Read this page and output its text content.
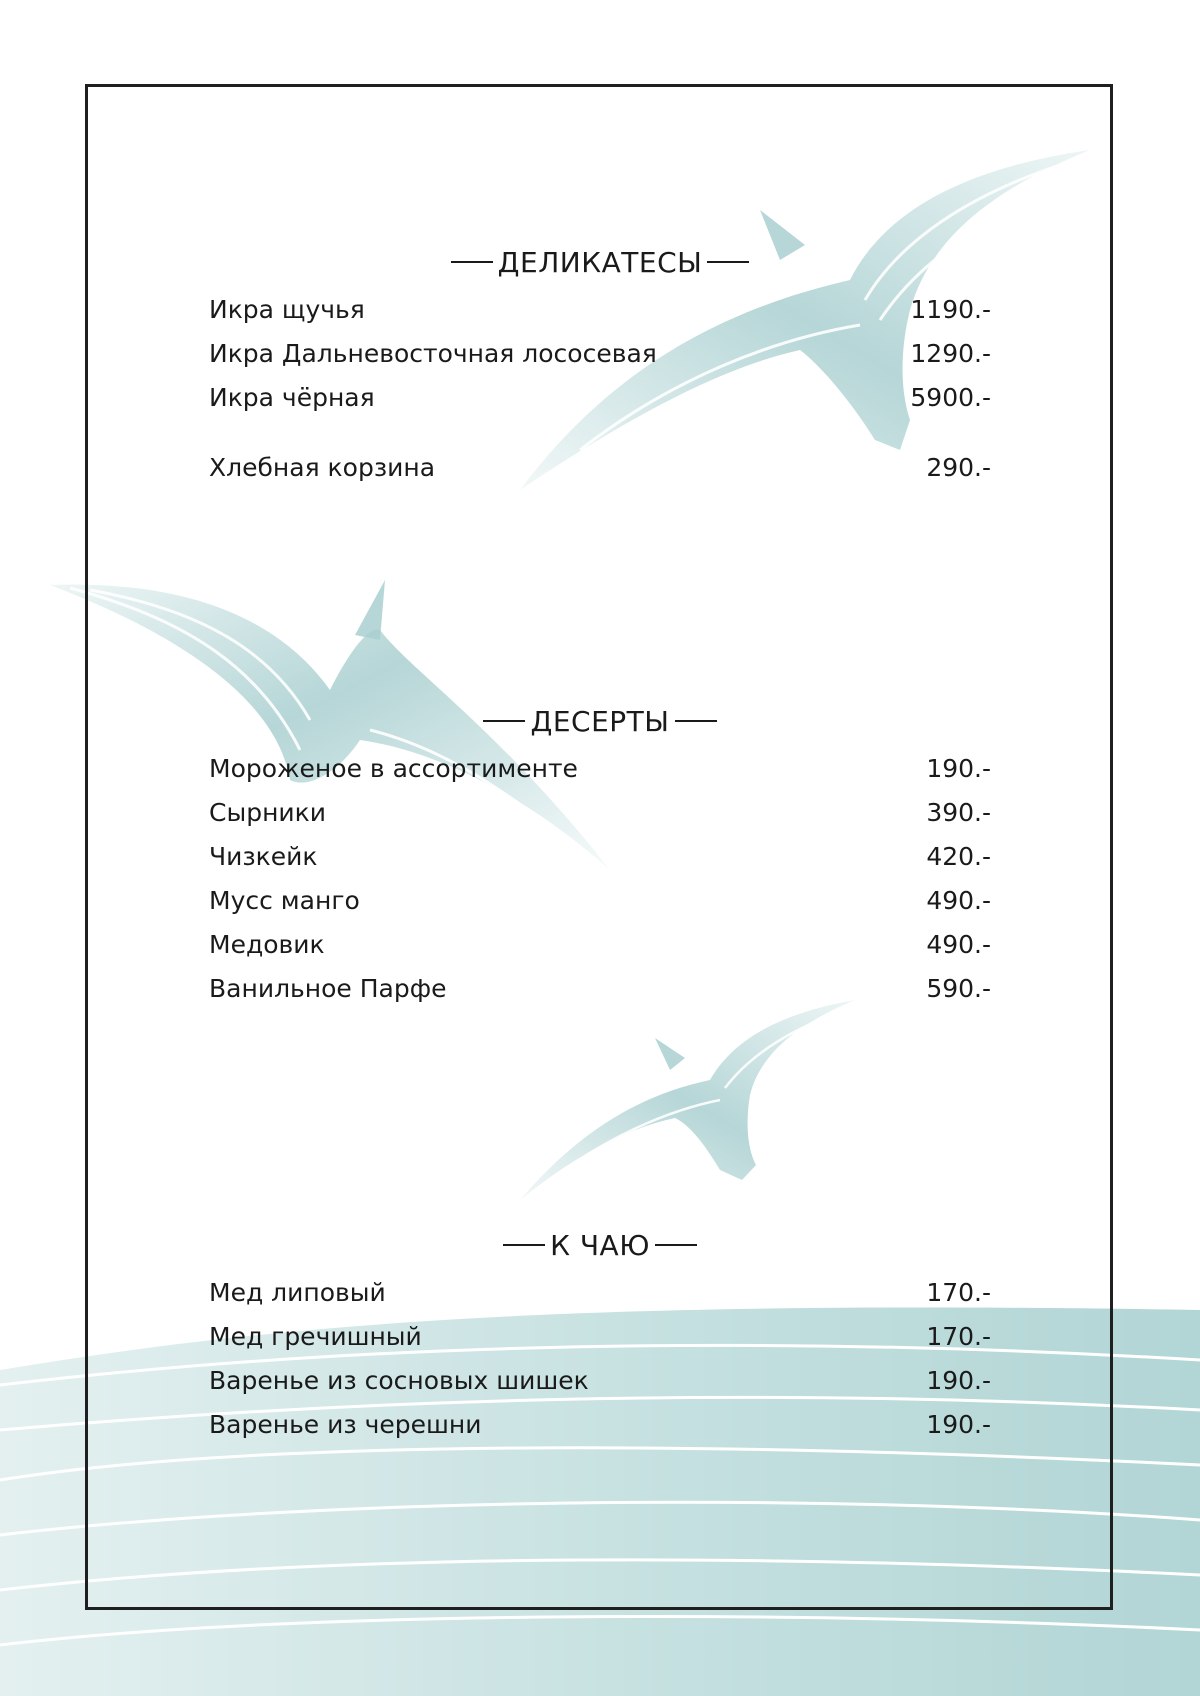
ДЕЛИКАТЕСЫ
Икра щучья	1190.-
Икра Дальневосточная лососевая	1290.-
Икра чёрная	5900.-
Хлебная корзина	290.-
ДЕСЕРТЫ
Мороженое в ассортименте	190.-
Сырники	390.-
Чизкейк	420.-
Мусс манго	490.-
Медовик	490.-
Ванильное Парфе	590.-
К ЧАЮ
Мед липовый	170.-
Мед гречишный	170.-
Варенье из сосновых шишек	190.-
Варенье из черешни	190.-
